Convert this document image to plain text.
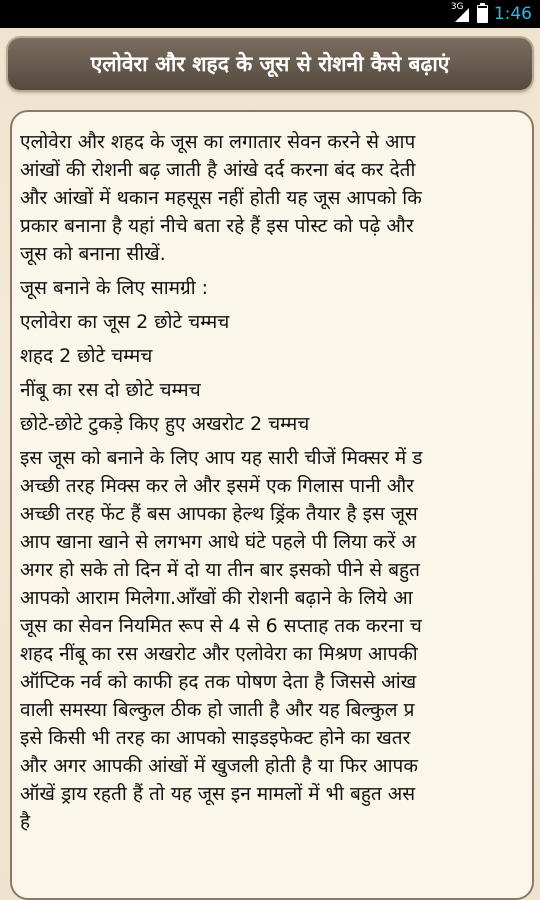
3G 1:46
एलोवेरा और शहद के जूस से रोशनी कैसे बढ़ाएं
एलोवेरा और शहद के जूस का लगातार सेवन करने से आप
आंखों की रोशनी बढ़ जाती है आंखे दर्द करना बंद कर देती
और आंखों में थकान महसूस नहीं होती यह जूस आपको कि
प्रकार बनाना है यहां नीचे बता रहे हैं इस पोस्ट को पढ़े और
जूस को बनाना सीखें.
जूस बनाने के लिए सामग्री :
एलोवेरा का जूस 2 छोटे चम्मच
शहद 2 छोटे चम्मच
नींबू का रस दो छोटे चम्मच
छोटे-छोटे टुकड़े किए हुए अखरोट 2 चम्मच
इस जूस को बनाने के लिए आप यह सारी चीजें मिक्सर में ड
अच्छी तरह मिक्स कर ले और इसमें एक गिलास पानी और
अच्छी तरह फेंट हैं बस आपका हेल्थ ड्रिंक तैयार है इस जूस
आप खाना खाने से लगभग आधे घंटे पहले पी लिया करें अ
अगर हो सके तो दिन में दो या तीन बार इसको पीने से बहुत
आपको आराम मिलेगा.आँखों की रोशनी बढ़ाने के लिये आ
जूस का सेवन नियमित रूप से 4 से 6 सप्ताह तक करना च
शहद नींबू का रस अखरोट और एलोवेरा का मिश्रण आपकी
ऑप्टिक नर्व को काफी हद तक पोषण देता है जिससे आंख
वाली समस्या बिल्कुल ठीक हो जाती है और यह बिल्कुल प्र
इसे किसी भी तरह का आपको साइडइफेक्ट होने का खतर
और अगर आपकी आंखों में खुजली होती है या फिर आपक
ऑखें ड्राय रहती हैं तो यह जूस इन मामलों में भी बहुत अस
है
